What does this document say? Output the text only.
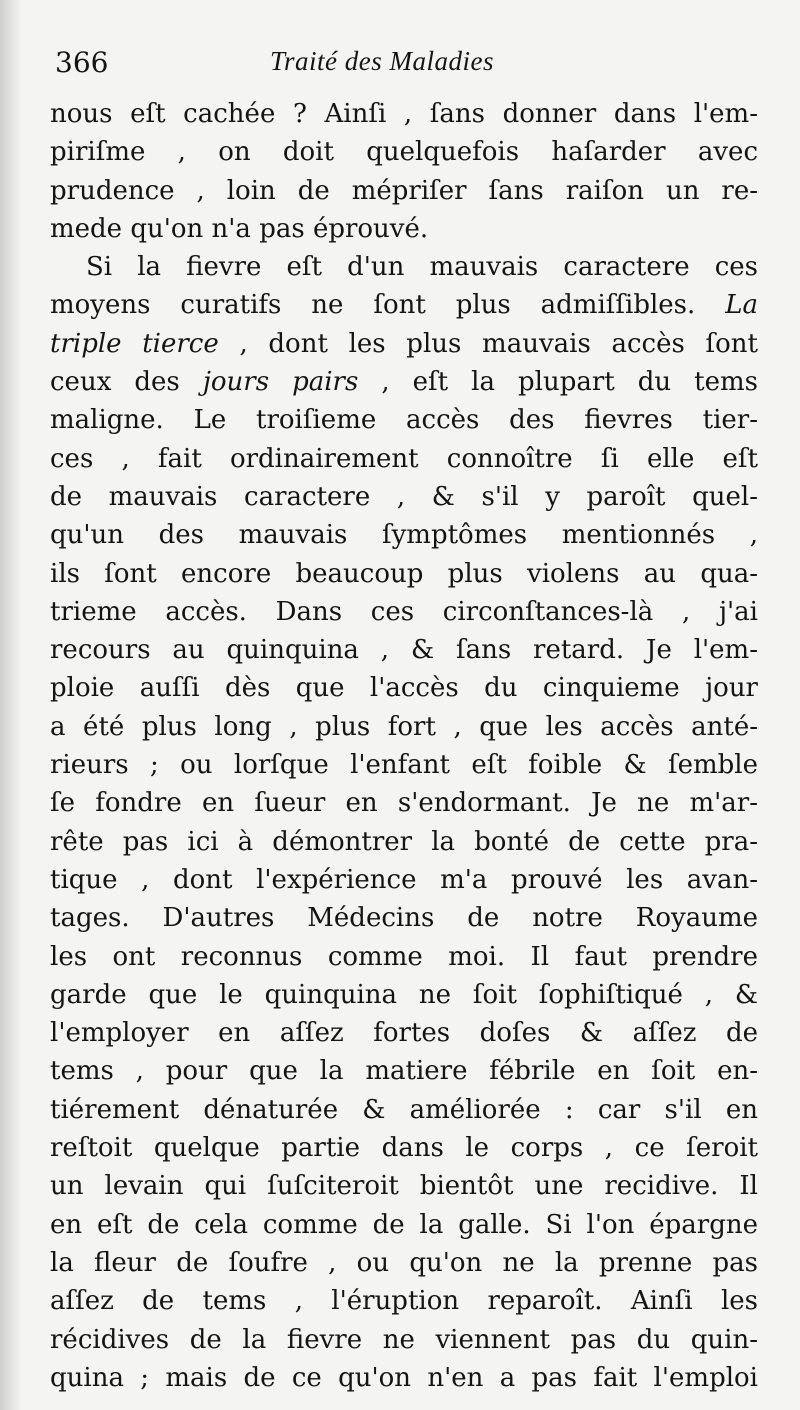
366	Traité des Maladies
nous eſt cachée ? Ainſi , ſans donner dans l'em-
piriſme , on doit quelquefois haſarder avec
prudence , loin de mépriſer ſans raiſon un re-
mede qu'on n'a pas éprouvé.
Si la fievre eſt d'un mauvais caractere ces
moyens curatifs ne ſont plus admiſſibles. La
triple tierce , dont les plus mauvais accès ſont
ceux des jours pairs , eſt la plupart du tems
maligne. Le troiſieme accès des fievres tier-
ces , fait ordinairement connoître ſi elle eſt
de mauvais caractere , & s'il y paroît quel-
qu'un des mauvais ſymptômes mentionnés ,
ils ſont encore beaucoup plus violens au qua-
trieme accès. Dans ces circonſtances-là , j'ai
recours au quinquina , & ſans retard. Je l'em-
ploie auſſi dès que l'accès du cinquieme jour
a été plus long , plus fort , que les accès anté-
rieurs ; ou lorſque l'enfant eſt foible & ſemble
ſe fondre en ſueur en s'endormant. Je ne m'ar-
rête pas ici à démontrer la bonté de cette pra-
tique , dont l'expérience m'a prouvé les avan-
tages. D'autres Médecins de notre Royaume
les ont reconnus comme moi. Il faut prendre
garde que le quinquina ne ſoit ſophiſtiqué , &
l'employer en aſſez fortes doſes & aſſez de
tems , pour que la matiere fébrile en ſoit en-
tiérement dénaturée & améliorée : car s'il en
reſtoit quelque partie dans le corps , ce ſeroit
un levain qui ſuſciteroit bientôt une recidive. Il
en eſt de cela comme de la galle. Si l'on épargne
la fleur de ſoufre , ou qu'on ne la prenne pas
aſſez de tems , l'éruption reparoît. Ainſi les
récidives de la fievre ne viennent pas du quin-
quina ; mais de ce qu'on n'en a pas fait l'emploi
